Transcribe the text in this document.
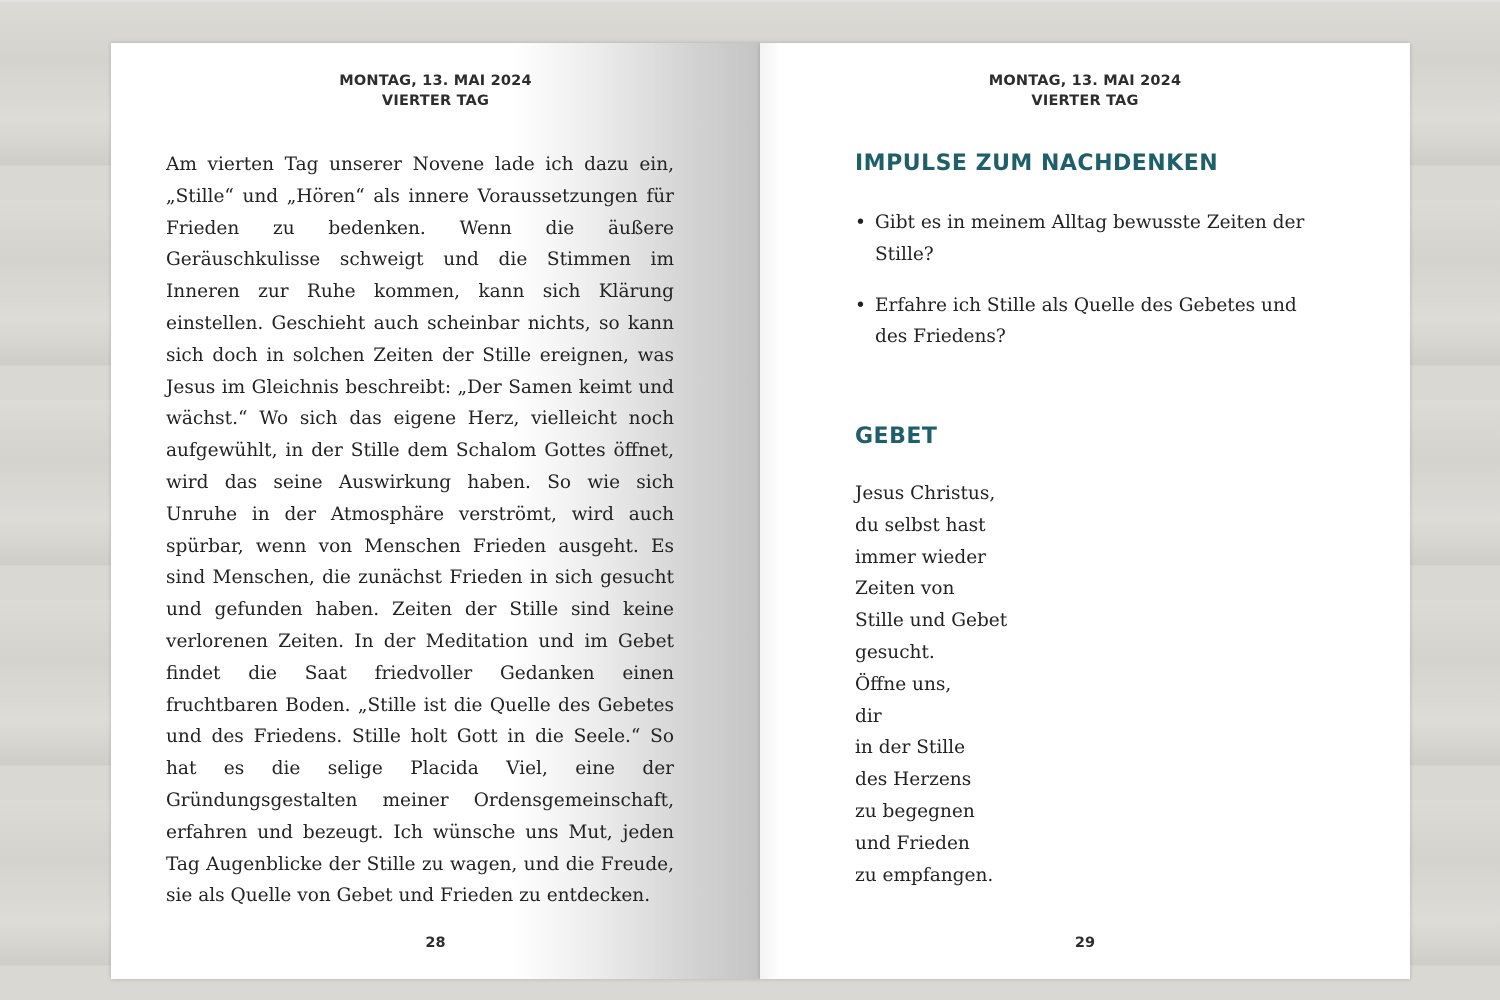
MONTAG, 13. MAI 2024
VIERTER TAG

Am vierten Tag unserer Novene lade ich dazu ein, „Stille“ und „Hören“ als innere Voraussetzungen für Frieden zu bedenken. Wenn die äußere Geräuschkulisse schweigt und die Stimmen im Inneren zur Ruhe kommen, kann sich Klärung einstellen. Geschieht auch scheinbar nichts, so kann sich doch in solchen Zeiten der Stille ereignen, was Jesus im Gleichnis beschreibt: „Der Samen keimt und wächst.“ Wo sich das eigene Herz, vielleicht noch aufgewühlt, in der Stille dem Schalom Gottes öffnet, wird das seine Auswirkung haben. So wie sich Unruhe in der Atmosphäre verströmt, wird auch spürbar, wenn von Menschen Frieden ausgeht. Es sind Menschen, die zunächst Frieden in sich gesucht und gefunden haben. Zeiten der Stille sind keine verlorenen Zeiten. In der Meditation und im Gebet findet die Saat friedvoller Gedanken einen fruchtbaren Boden. „Stille ist die Quelle des Gebetes und des Friedens. Stille holt Gott in die Seele.“ So hat es die selige Placida Viel, eine der Gründungsgestalten meiner Ordensgemeinschaft, erfahren und bezeugt. Ich wünsche uns Mut, jeden Tag Augenblicke der Stille zu wagen, und die Freude, sie als Quelle von Gebet und Frieden zu entdecken.

28
MONTAG, 13. MAI 2024
VIERTER TAG
IMPULSE ZUM NACHDENKEN
• Gibt es in meinem Alltag bewusste Zeiten der Stille?
• Erfahre ich Stille als Quelle des Gebetes und des Friedens?
GEBET
Jesus Christus,
du selbst hast
immer wieder
Zeiten von
Stille und Gebet
gesucht.
Öffne uns,
dir
in der Stille
des Herzens
zu begegnen
und Frieden
zu empfangen.
29
